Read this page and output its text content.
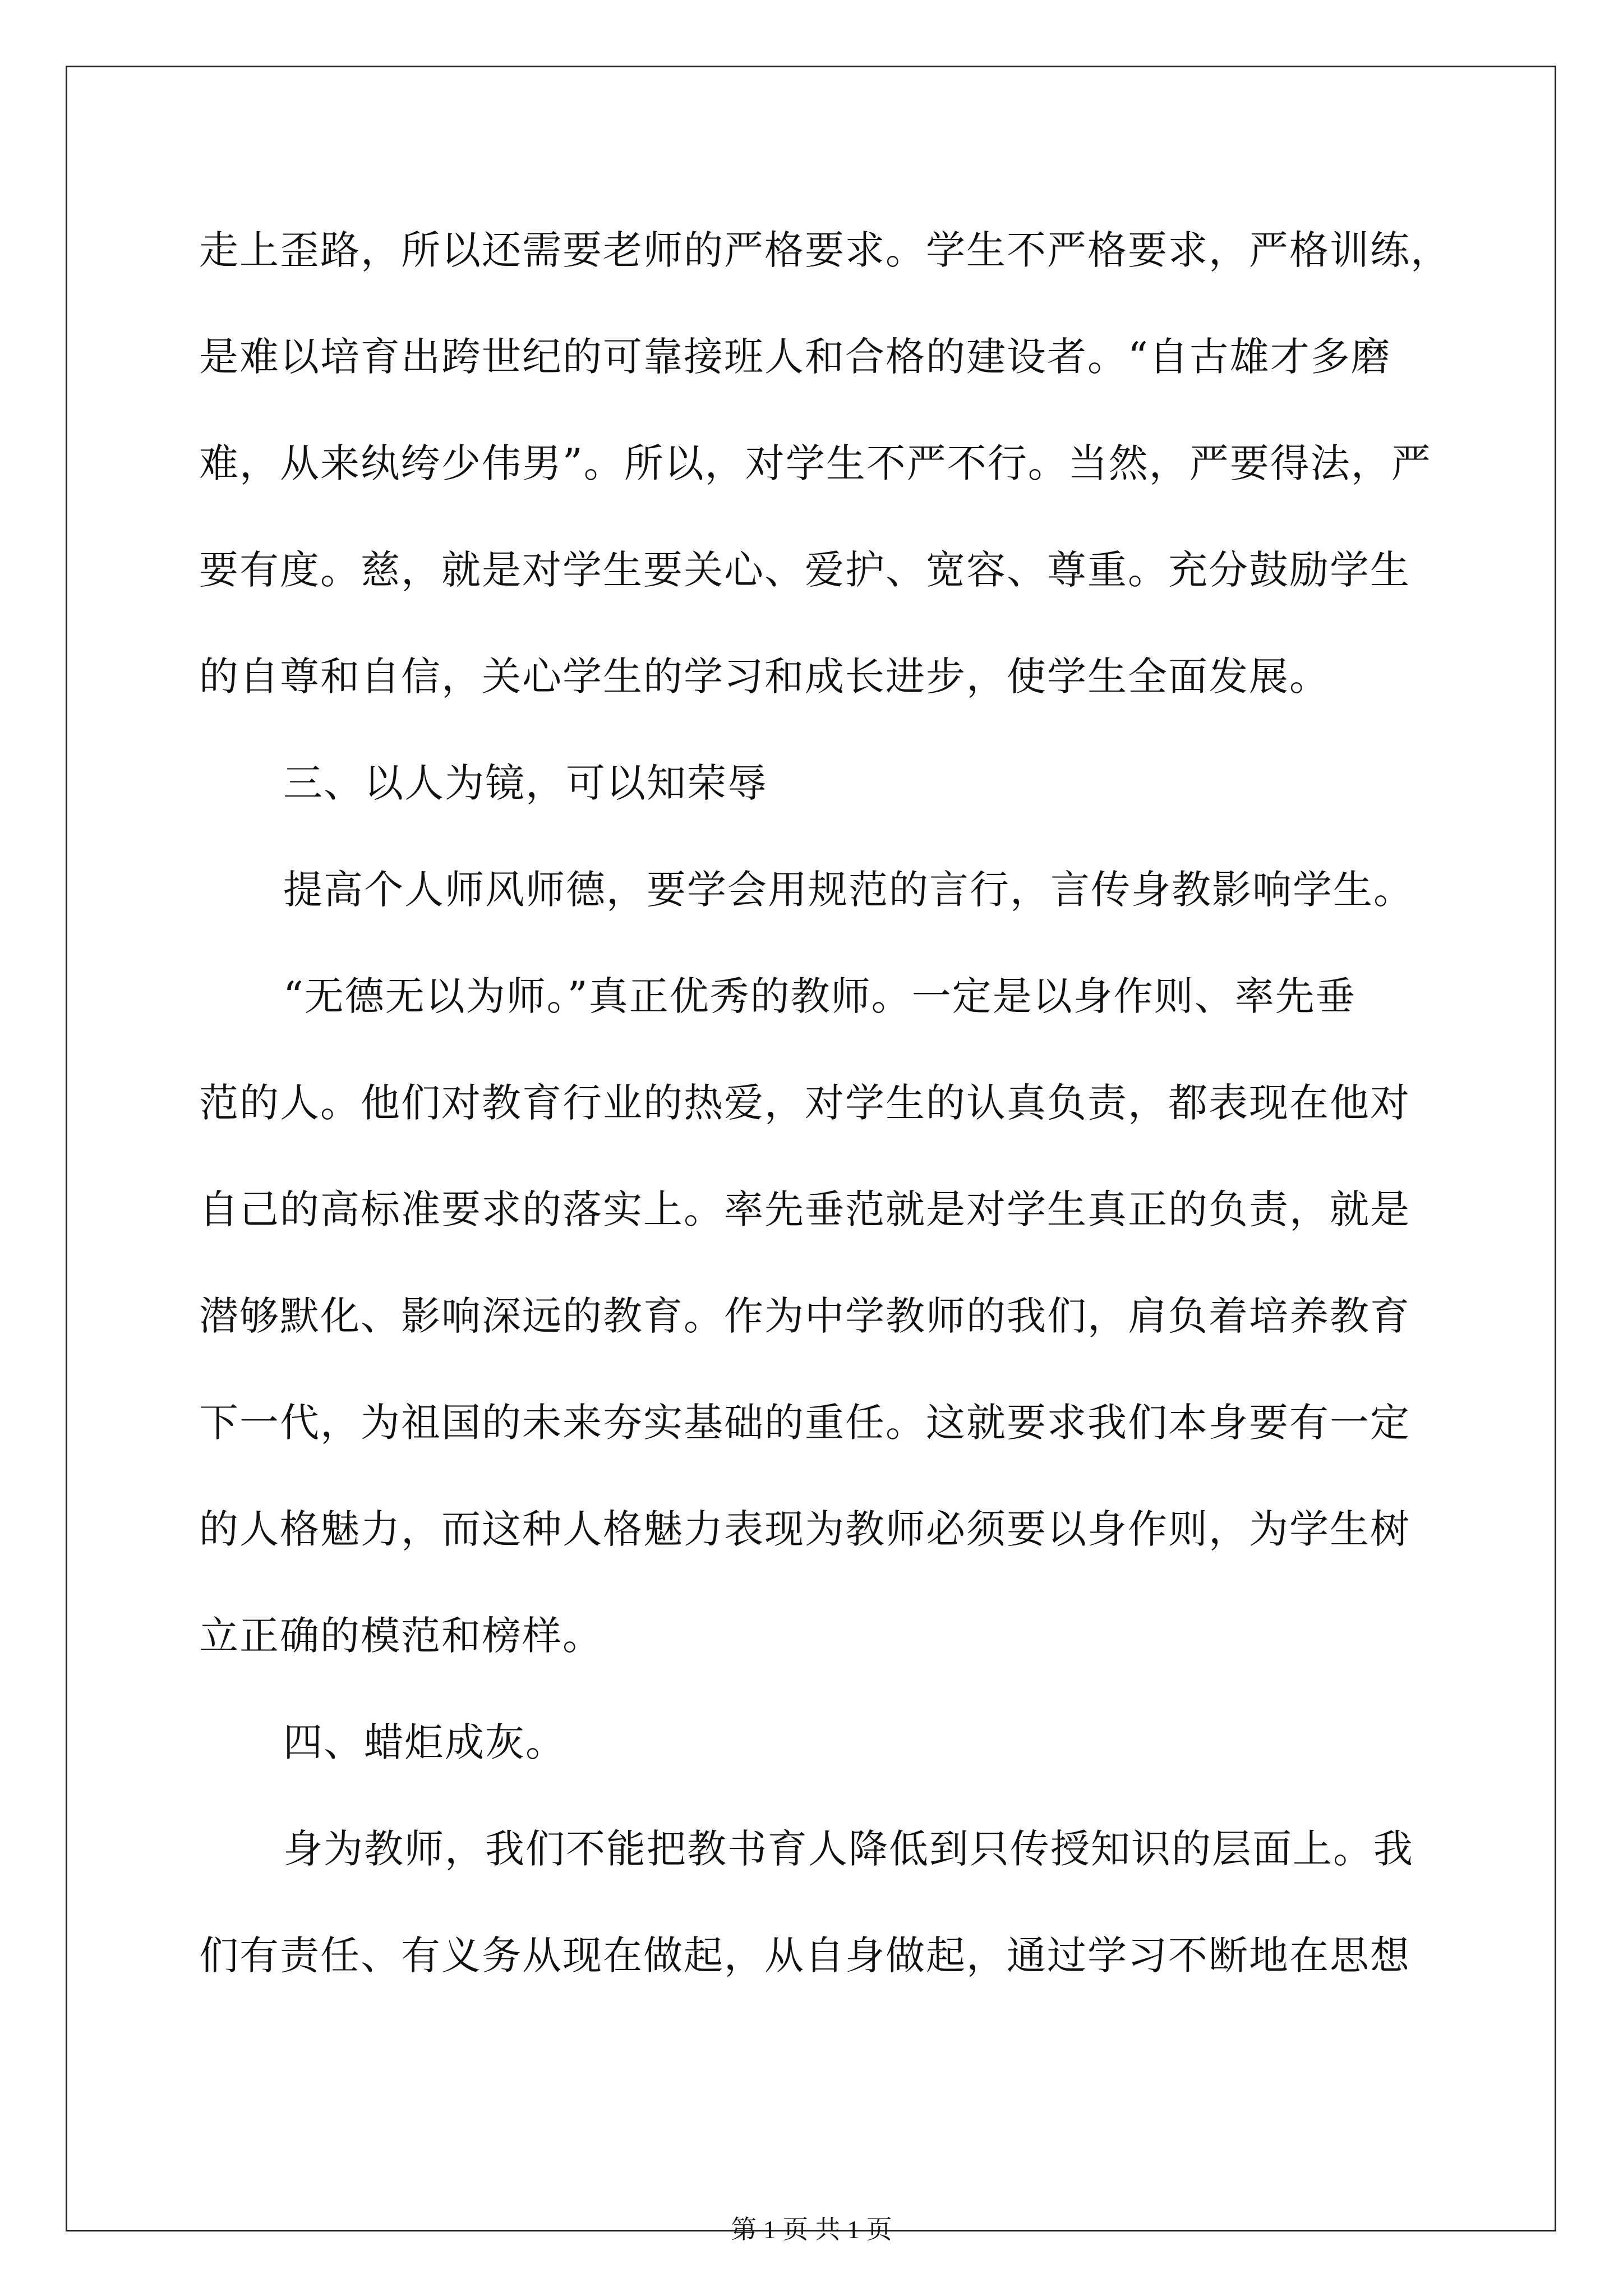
走上歪路，所以还需要老师的严格要求。学生不严格要求，严格训练，
是难以培育出跨世纪的可靠接班人和合格的建设者。“自古雄才多磨
难，从来纨绔少伟男”。所以，对学生不严不行。当然，严要得法，严
要有度。慈，就是对学生要关心、爱护、宽容、尊重。充分鼓励学生
的自尊和自信，关心学生的学习和成长进步，使学生全面发展。
三、以人为镜，可以知荣辱
提高个人师风师德，要学会用规范的言行，言传身教影响学生。
“无德无以为师。”真正优秀的教师。一定是以身作则、率先垂
范的人。他们对教育行业的热爱，对学生的认真负责，都表现在他对
自己的高标准要求的落实上。率先垂范就是对学生真正的负责，就是
潜够默化、影响深远的教育。作为中学教师的我们，肩负着培养教育
下一代，为祖国的未来夯实基础的重任。这就要求我们本身要有一定
的人格魅力，而这种人格魅力表现为教师必须要以身作则，为学生树
立正确的模范和榜样。
四、蜡炬成灰。
身为教师，我们不能把教书育人降低到只传授知识的层面上。我
们有责任、有义务从现在做起，从自身做起，通过学习不断地在思想
第 1 页 共 1 页
